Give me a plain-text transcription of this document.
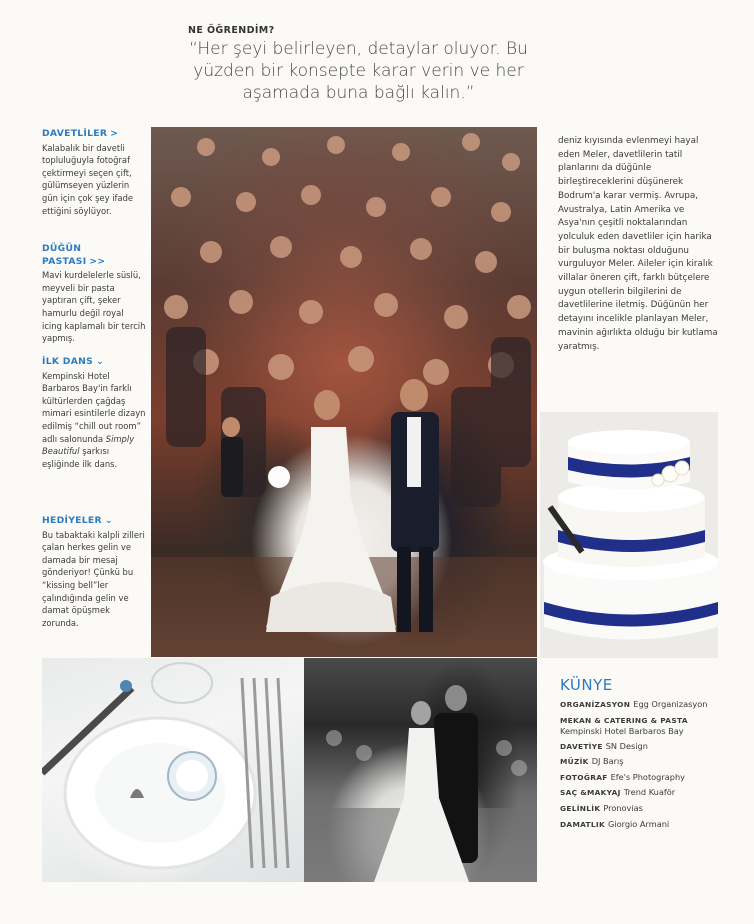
NE ÖĞRENDİM?
“Her şeyi belirleyen, detaylar oluyor. Bu yüzden bir konsepte karar verin ve her aşamada buna bağlı kalın.”
DAVETLİLER >
Kalabalık bir davetli topluluğuyla fotoğraf çektirmeyi seçen çift, gülümseyen yüzlerin gün için çok şey ifade ettiğini söylüyor.
DÜĞÜN PASTASI >>
Mavi kurdelelerle süslü, meyveli bir pasta yaptıran çift, şeker hamurlu değil royal icing kaplamalı bir tercih yapmış.
İLK DANS ⌄
Kempinski Hotel Barbaros Bay'in farklı kültürlerden çağdaş mimari esintilerle dizayn edilmiş “chill out room” adlı salonunda Simply Beautiful şarkısı eşliğinde ilk dans.
HEDİYELER ⌄
Bu tabaktaki kalpli zilleri çalan herkes gelin ve damada bir mesaj gönderiyor! Çünkü bu “kissing bell”ler çalındığında gelin ve damat öpüşmek zorunda.
deniz kıyısında evlenmeyi hayal eden Meler, davetlilerin tatil planlarını da düğünle birleştireceklerini düşünerek Bodrum'a karar vermiş. Avrupa, Avustralya, Latin Amerika ve Asya'nın çeşitli noktalarından yolculuk eden davetliler için harika bir buluşma noktası olduğunu vurguluyor Meler. Aileler için kiralık villalar öneren çift, farklı bütçelere uygun otellerin bilgilerini de davetlilerine iletmiş. Düğünün her detayını incelikle planlayan Meler, mavinin ağırlıkta olduğu bir kutlama yaratmış.
KÜNYE
ORGANİZASYON Egg Organizasyon
MEKAN & CATERING & PASTA
Kempinski Hotel Barbaros Bay
DAVETİYE SN Design
MÜZİK DJ Barış
FOTOĞRAF Efe's Photography
SAÇ &MAKYAJ Trend Kuaför
GELİNLİK Pronovias
DAMATLIK Giorgio Armani
